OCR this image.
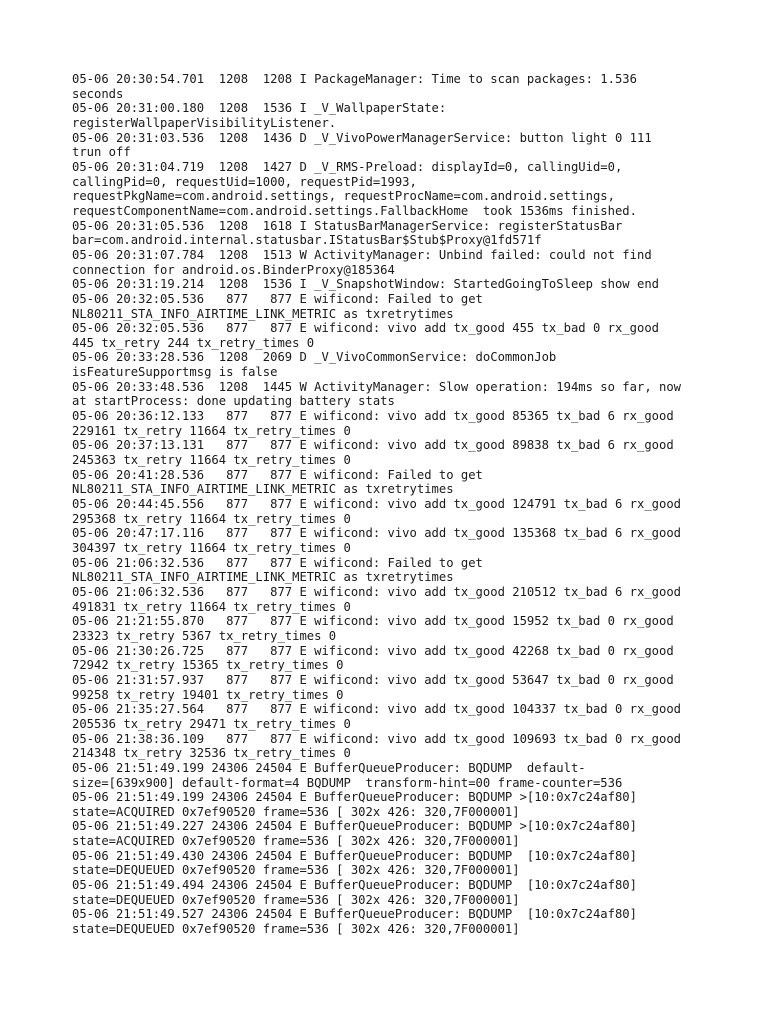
05-06 20:30:54.701  1208  1208 I PackageManager: Time to scan packages: 1.536
seconds
05-06 20:31:00.180  1208  1536 I _V_WallpaperState:
registerWallpaperVisibilityListener.
05-06 20:31:03.536  1208  1436 D _V_VivoPowerManagerService: button light 0 111
trun off
05-06 20:31:04.719  1208  1427 D _V_RMS-Preload: displayId=0, callingUid=0,
callingPid=0, requestUid=1000, requestPid=1993,
requestPkgName=com.android.settings, requestProcName=com.android.settings,
requestComponentName=com.android.settings.FallbackHome  took 1536ms finished.
05-06 20:31:05.536  1208  1618 I StatusBarManagerService: registerStatusBar
bar=com.android.internal.statusbar.IStatusBar$Stub$Proxy@1fd571f
05-06 20:31:07.784  1208  1513 W ActivityManager: Unbind failed: could not find
connection for android.os.BinderProxy@185364
05-06 20:31:19.214  1208  1536 I _V_SnapshotWindow: StartedGoingToSleep show end
05-06 20:32:05.536   877   877 E wificond: Failed to get
NL80211_STA_INFO_AIRTIME_LINK_METRIC as txretrytimes
05-06 20:32:05.536   877   877 E wificond: vivo add tx_good 455 tx_bad 0 rx_good
445 tx_retry 244 tx_retry_times 0
05-06 20:33:28.536  1208  2069 D _V_VivoCommonService: doCommonJob
isFeatureSupportmsg is false
05-06 20:33:48.536  1208  1445 W ActivityManager: Slow operation: 194ms so far, now
at startProcess: done updating battery stats
05-06 20:36:12.133   877   877 E wificond: vivo add tx_good 85365 tx_bad 6 rx_good
229161 tx_retry 11664 tx_retry_times 0
05-06 20:37:13.131   877   877 E wificond: vivo add tx_good 89838 tx_bad 6 rx_good
245363 tx_retry 11664 tx_retry_times 0
05-06 20:41:28.536   877   877 E wificond: Failed to get
NL80211_STA_INFO_AIRTIME_LINK_METRIC as txretrytimes
05-06 20:44:45.556   877   877 E wificond: vivo add tx_good 124791 tx_bad 6 rx_good
295368 tx_retry 11664 tx_retry_times 0
05-06 20:47:17.116   877   877 E wificond: vivo add tx_good 135368 tx_bad 6 rx_good
304397 tx_retry 11664 tx_retry_times 0
05-06 21:06:32.536   877   877 E wificond: Failed to get
NL80211_STA_INFO_AIRTIME_LINK_METRIC as txretrytimes
05-06 21:06:32.536   877   877 E wificond: vivo add tx_good 210512 tx_bad 6 rx_good
491831 tx_retry 11664 tx_retry_times 0
05-06 21:21:55.870   877   877 E wificond: vivo add tx_good 15952 tx_bad 0 rx_good
23323 tx_retry 5367 tx_retry_times 0
05-06 21:30:26.725   877   877 E wificond: vivo add tx_good 42268 tx_bad 0 rx_good
72942 tx_retry 15365 tx_retry_times 0
05-06 21:31:57.937   877   877 E wificond: vivo add tx_good 53647 tx_bad 0 rx_good
99258 tx_retry 19401 tx_retry_times 0
05-06 21:35:27.564   877   877 E wificond: vivo add tx_good 104337 tx_bad 0 rx_good
205536 tx_retry 29471 tx_retry_times 0
05-06 21:38:36.109   877   877 E wificond: vivo add tx_good 109693 tx_bad 0 rx_good
214348 tx_retry 32536 tx_retry_times 0
05-06 21:51:49.199 24306 24504 E BufferQueueProducer: BQDUMP  default-
size=[639x900] default-format=4 BQDUMP  transform-hint=00 frame-counter=536
05-06 21:51:49.199 24306 24504 E BufferQueueProducer: BQDUMP >[10:0x7c24af80]
state=ACQUIRED 0x7ef90520 frame=536 [ 302x 426: 320,7F000001]
05-06 21:51:49.227 24306 24504 E BufferQueueProducer: BQDUMP >[10:0x7c24af80]
state=ACQUIRED 0x7ef90520 frame=536 [ 302x 426: 320,7F000001]
05-06 21:51:49.430 24306 24504 E BufferQueueProducer: BQDUMP  [10:0x7c24af80]
state=DEQUEUED 0x7ef90520 frame=536 [ 302x 426: 320,7F000001]
05-06 21:51:49.494 24306 24504 E BufferQueueProducer: BQDUMP  [10:0x7c24af80]
state=DEQUEUED 0x7ef90520 frame=536 [ 302x 426: 320,7F000001]
05-06 21:51:49.527 24306 24504 E BufferQueueProducer: BQDUMP  [10:0x7c24af80]
state=DEQUEUED 0x7ef90520 frame=536 [ 302x 426: 320,7F000001]
